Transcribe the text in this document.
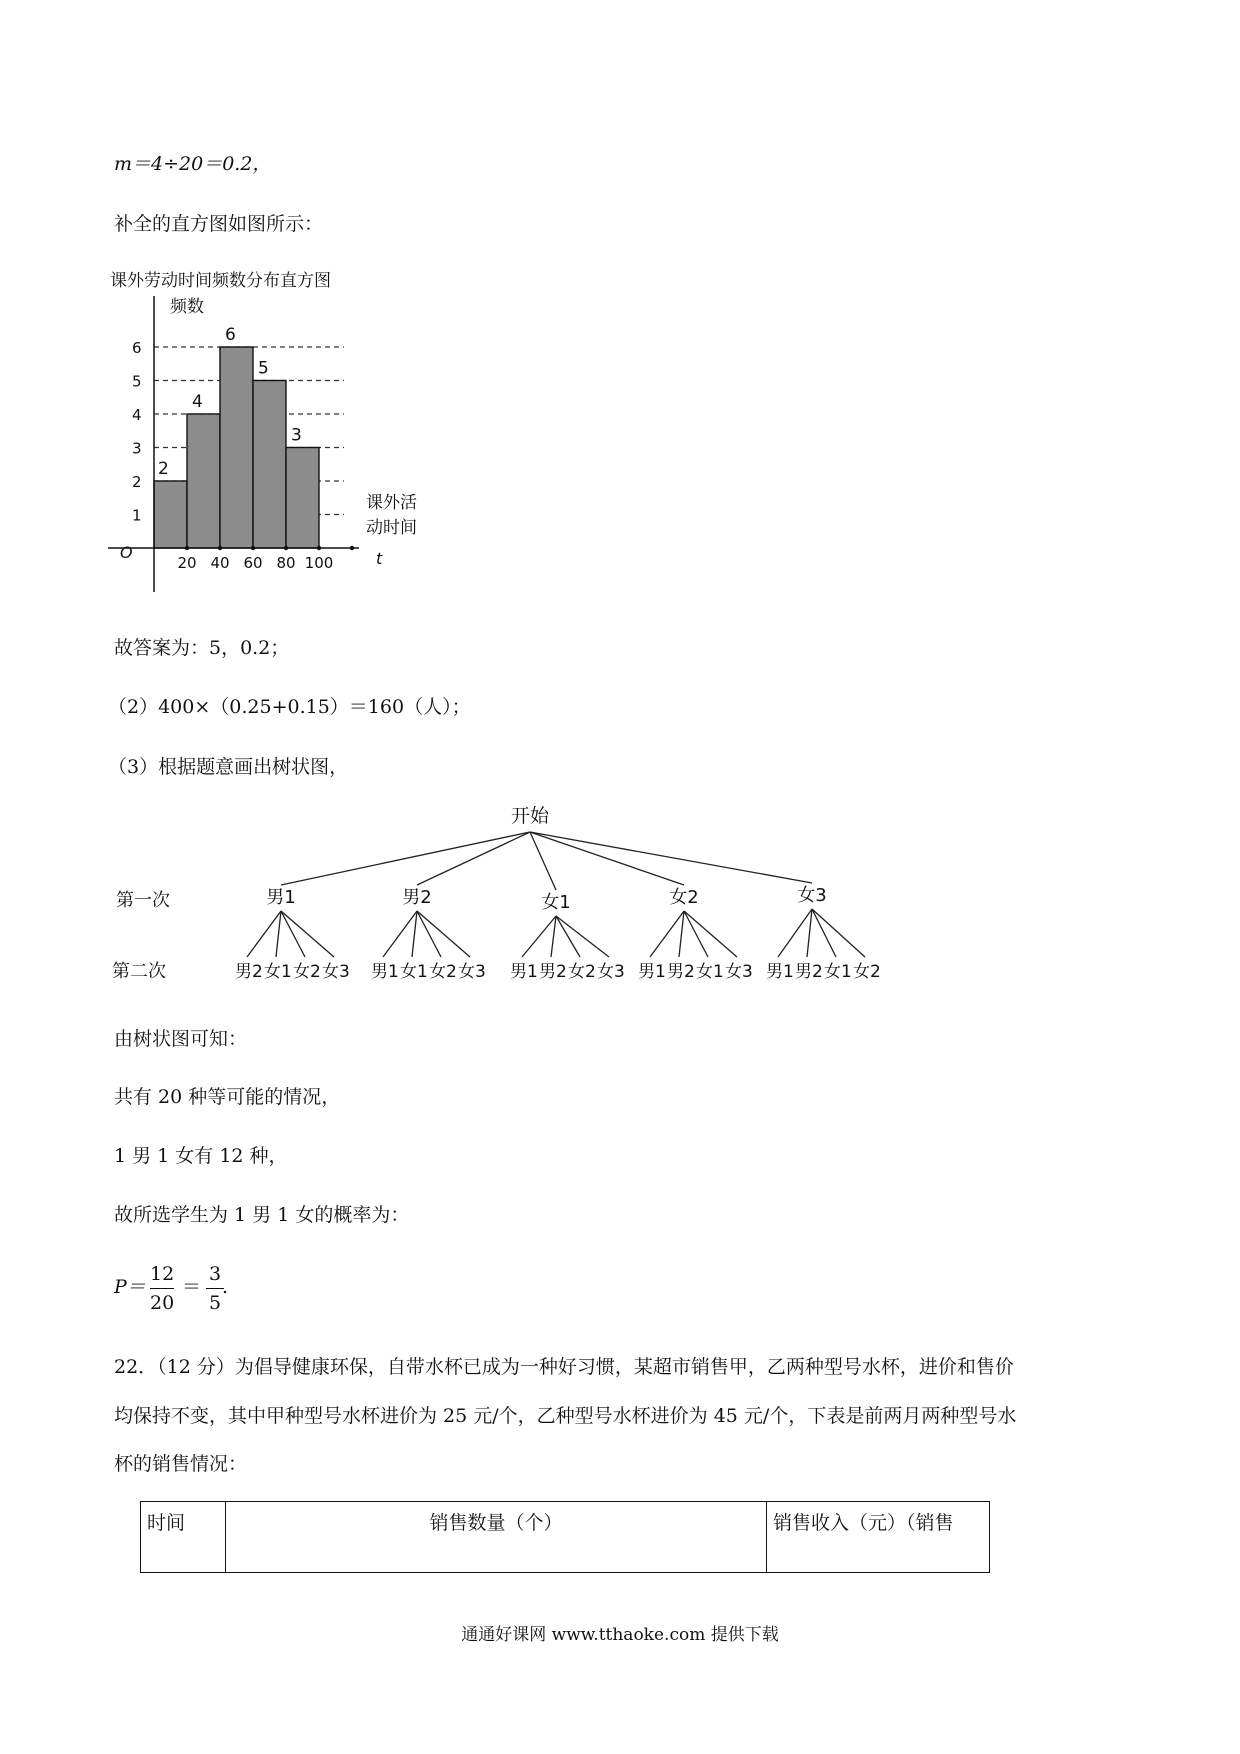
m＝4÷20＝0.2，
补全的直方图如图所示：
课外劳动时间频数分布直方图
频数
2
4
6
5
3
1
2
3
4
5
6
20 40 60 80 100
O
课外活
动时间
t
故答案为：5，0.2；
（2）400×（0.25+0.15）＝160（人）；
（3）根据题意画出树状图，
开始
第一次
第二次
男1
男2 女1 女2 女3
男2
男1 女1 女2 女3
女1
男1 男2 女2 女3
女2
男1 男2 女1 女3
女3
男1 男2 女1 女2
由树状图可知：
共有 20 种等可能的情况，
1 男 1 女有 12 种，
故所选学生为 1 男 1 女的概率为：
P＝
12
20
＝
3
5
.
22．（12 分）为倡导健康环保，自带水杯已成为一种好习惯，某超市销售甲，乙两种型号水杯，进价和售价
均保持不变，其中甲种型号水杯进价为 25 元/个，乙种型号水杯进价为 45 元/个，下表是前两月两种型号水
杯的销售情况：
时间	销售数量（个）	销售收入（元）（销售
通通好课网 www.tthaoke.com 提供下载
